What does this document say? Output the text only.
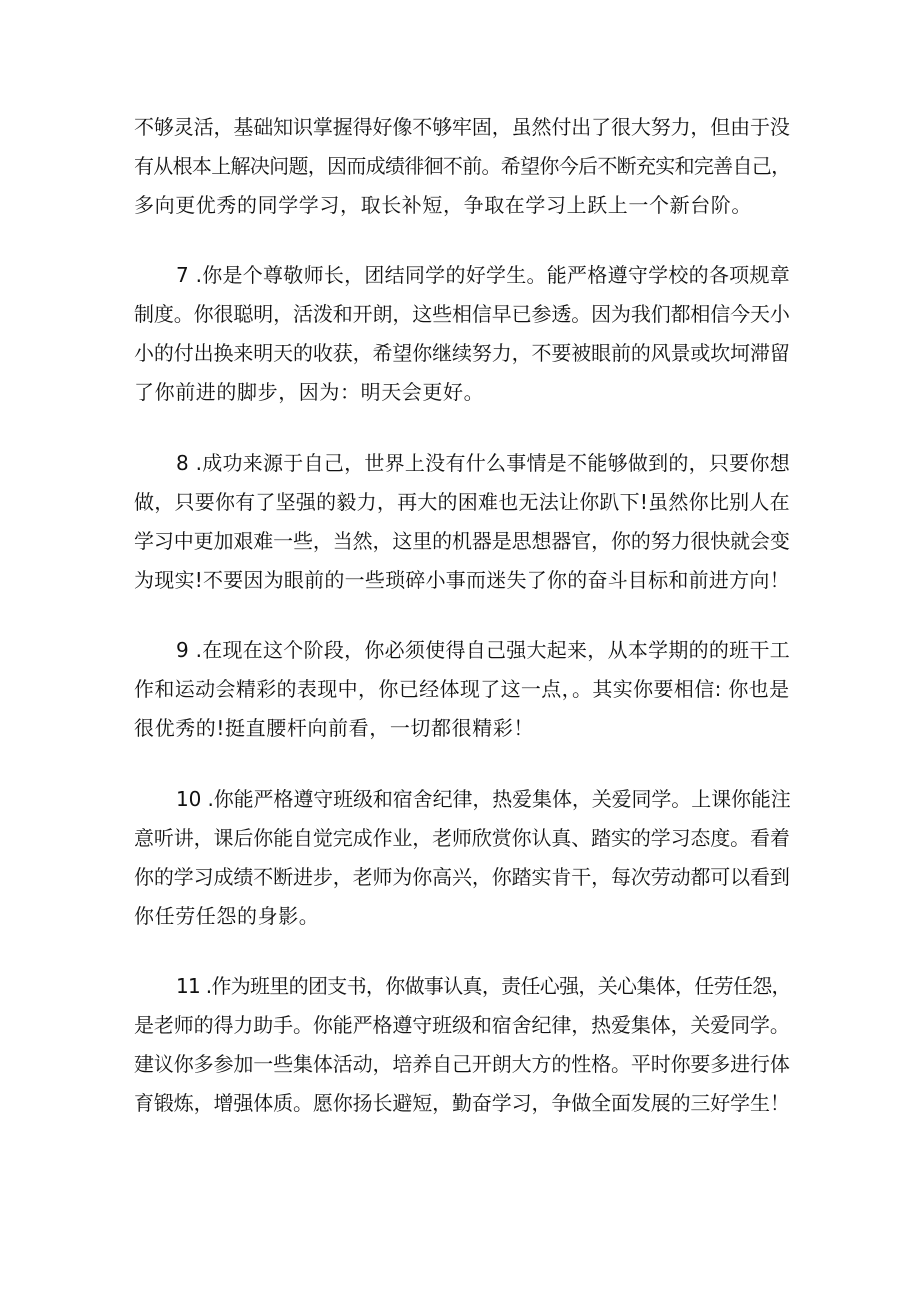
不够灵活，基础知识掌握得好像不够牢固，虽然付出了很大努力，但由于没
有从根本上解决问题，因而成绩徘徊不前。希望你今后不断充实和完善自己，
多向更优秀的同学学习，取长补短，争取在学习上跃上一个新台阶。
7 .你是个尊敬师长，团结同学的好学生。能严格遵守学校的各项规章
制度。你很聪明，活泼和开朗，这些相信早已参透。因为我们都相信今天小
小的付出换来明天的收获，希望你继续努力，不要被眼前的风景或坎坷滞留
了你前进的脚步，因为：明天会更好。
8 .成功来源于自己，世界上没有什么事情是不能够做到的，只要你想
做，只要你有了坚强的毅力，再大的困难也无法让你趴下!虽然你比别人在
学习中更加艰难一些，当然，这里的机器是思想器官，你的努力很快就会变
为现实!不要因为眼前的一些琐碎小事而迷失了你的奋斗目标和前进方向！
9 .在现在这个阶段，你必须使得自己强大起来，从本学期的的班干工
作和运动会精彩的表现中，你已经体现了这一点，。其实你要相信: 你也是
很优秀的!挺直腰杆向前看，一切都很精彩！
10 .你能严格遵守班级和宿舍纪律，热爱集体，关爱同学。上课你能注
意听讲，课后你能自觉完成作业，老师欣赏你认真、踏实的学习态度。看着
你的学习成绩不断进步，老师为你高兴，你踏实肯干，每次劳动都可以看到
你任劳任怨的身影。
11 .作为班里的团支书，你做事认真，责任心强，关心集体，任劳任怨，
是老师的得力助手。你能严格遵守班级和宿舍纪律，热爱集体，关爱同学。
建议你多参加一些集体活动，培养自己开朗大方的性格。平时你要多进行体
育锻炼，增强体质。愿你扬长避短，勤奋学习，争做全面发展的三好学生！
